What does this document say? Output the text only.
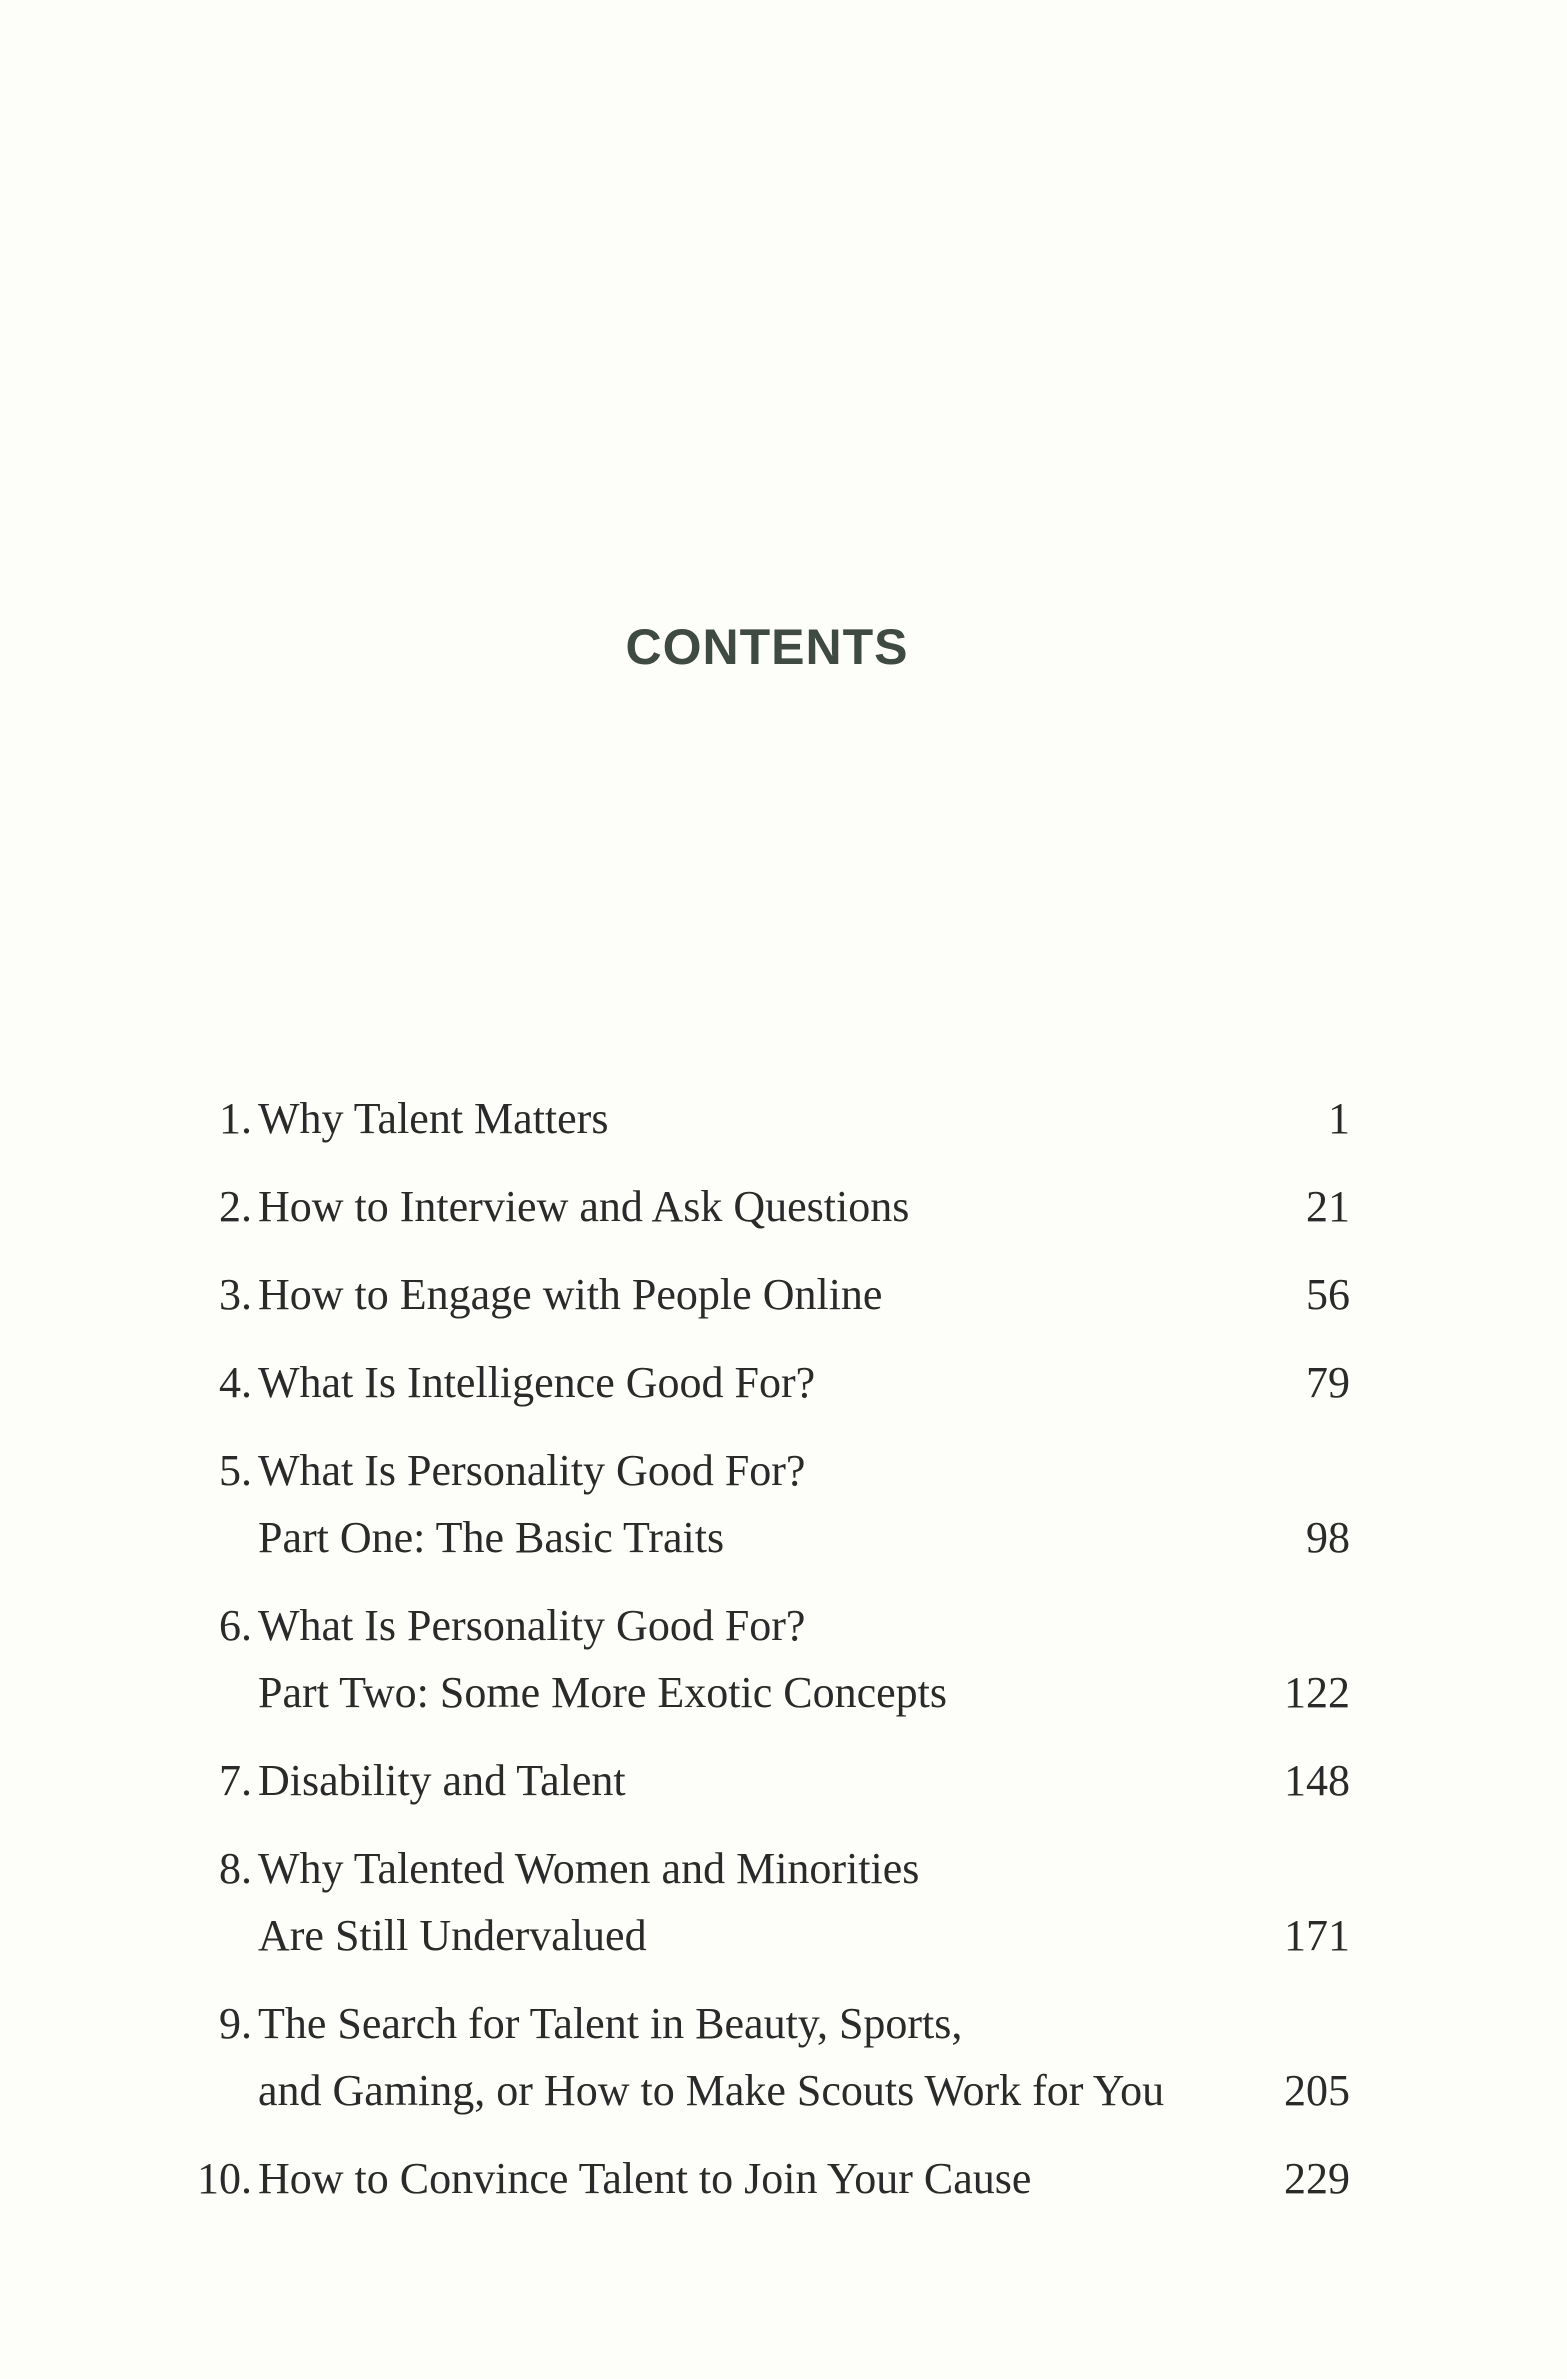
CONTENTS
1. Why Talent Matters	1
2. How to Interview and Ask Questions	21
3. How to Engage with People Online	56
4. What Is Intelligence Good For?	79
5. What Is Personality Good For?
Part One: The Basic Traits	98
6. What Is Personality Good For?
Part Two: Some More Exotic Concepts	122
7. Disability and Talent	148
8. Why Talented Women and Minorities
Are Still Undervalued	171
9. The Search for Talent in Beauty, Sports,
and Gaming, or How to Make Scouts Work for You	205
10. How to Convince Talent to Join Your Cause	229
